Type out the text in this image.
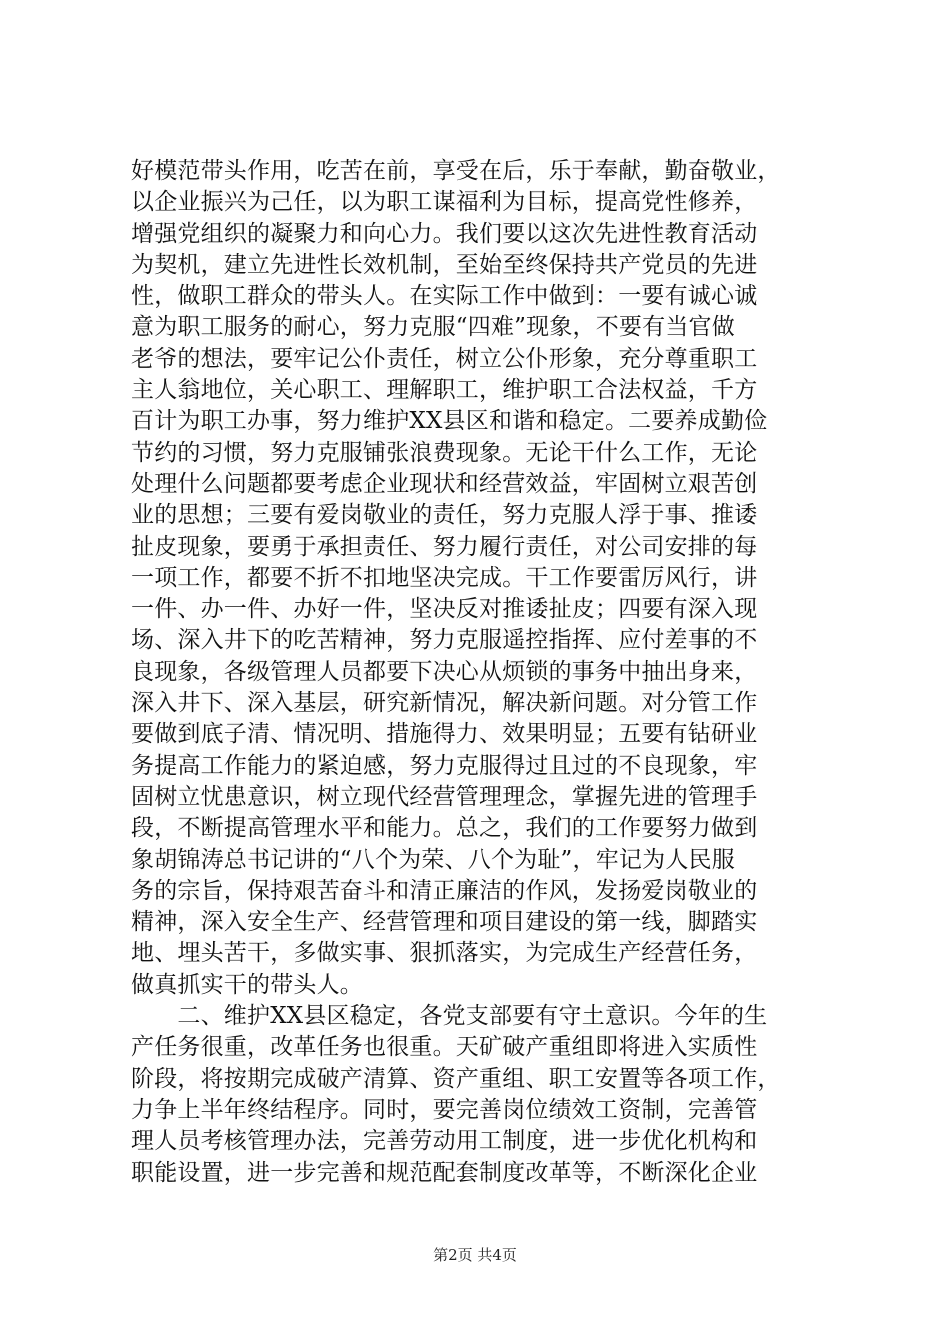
好模范带头作用，吃苦在前，享受在后，乐于奉献，勤奋敬业，
以企业振兴为己任，以为职工谋福利为目标，提高党性修养，
增强党组织的凝聚力和向心力。我们要以这次先进性教育活动
为契机，建立先进性长效机制，至始至终保持共产党员的先进
性，做职工群众的带头人。在实际工作中做到：一要有诚心诚
意为职工服务的耐心，努力克服“四难”现象，不要有当官做
老爷的想法，要牢记公仆责任，树立公仆形象，充分尊重职工
主人翁地位，关心职工、理解职工，维护职工合法权益，千方
百计为职工办事，努力维护XX县区和谐和稳定。二要养成勤俭
节约的习惯，努力克服铺张浪费现象。无论干什么工作，无论
处理什么问题都要考虑企业现状和经营效益，牢固树立艰苦创
业的思想；三要有爱岗敬业的责任，努力克服人浮于事、推诿
扯皮现象，要勇于承担责任、努力履行责任，对公司安排的每
一项工作，都要不折不扣地坚决完成。干工作要雷厉风行，讲
一件、办一件、办好一件，坚决反对推诿扯皮；四要有深入现
场、深入井下的吃苦精神，努力克服遥控指挥、应付差事的不
良现象，各级管理人员都要下决心从烦锁的事务中抽出身来，
深入井下、深入基层，研究新情况，解决新问题。对分管工作
要做到底子清、情况明、措施得力、效果明显；五要有钻研业
务提高工作能力的紧迫感，努力克服得过且过的不良现象，牢
固树立忧患意识，树立现代经营管理理念，掌握先进的管理手
段，不断提高管理水平和能力。总之，我们的工作要努力做到
象胡锦涛总书记讲的“八个为荣、八个为耻”，牢记为人民服
务的宗旨，保持艰苦奋斗和清正廉洁的作风，发扬爱岗敬业的
精神，深入安全生产、经营管理和项目建设的第一线，脚踏实
地、埋头苦干，多做实事、狠抓落实，为完成生产经营任务，
做真抓实干的带头人。
　　二、维护XX县区稳定，各党支部要有守土意识。今年的生
产任务很重，改革任务也很重。天矿破产重组即将进入实质性
阶段，将按期完成破产清算、资产重组、职工安置等各项工作，
力争上半年终结程序。同时，要完善岗位绩效工资制，完善管
理人员考核管理办法，完善劳动用工制度，进一步优化机构和
职能设置，进一步完善和规范配套制度改革等，不断深化企业
第2页 共4页
